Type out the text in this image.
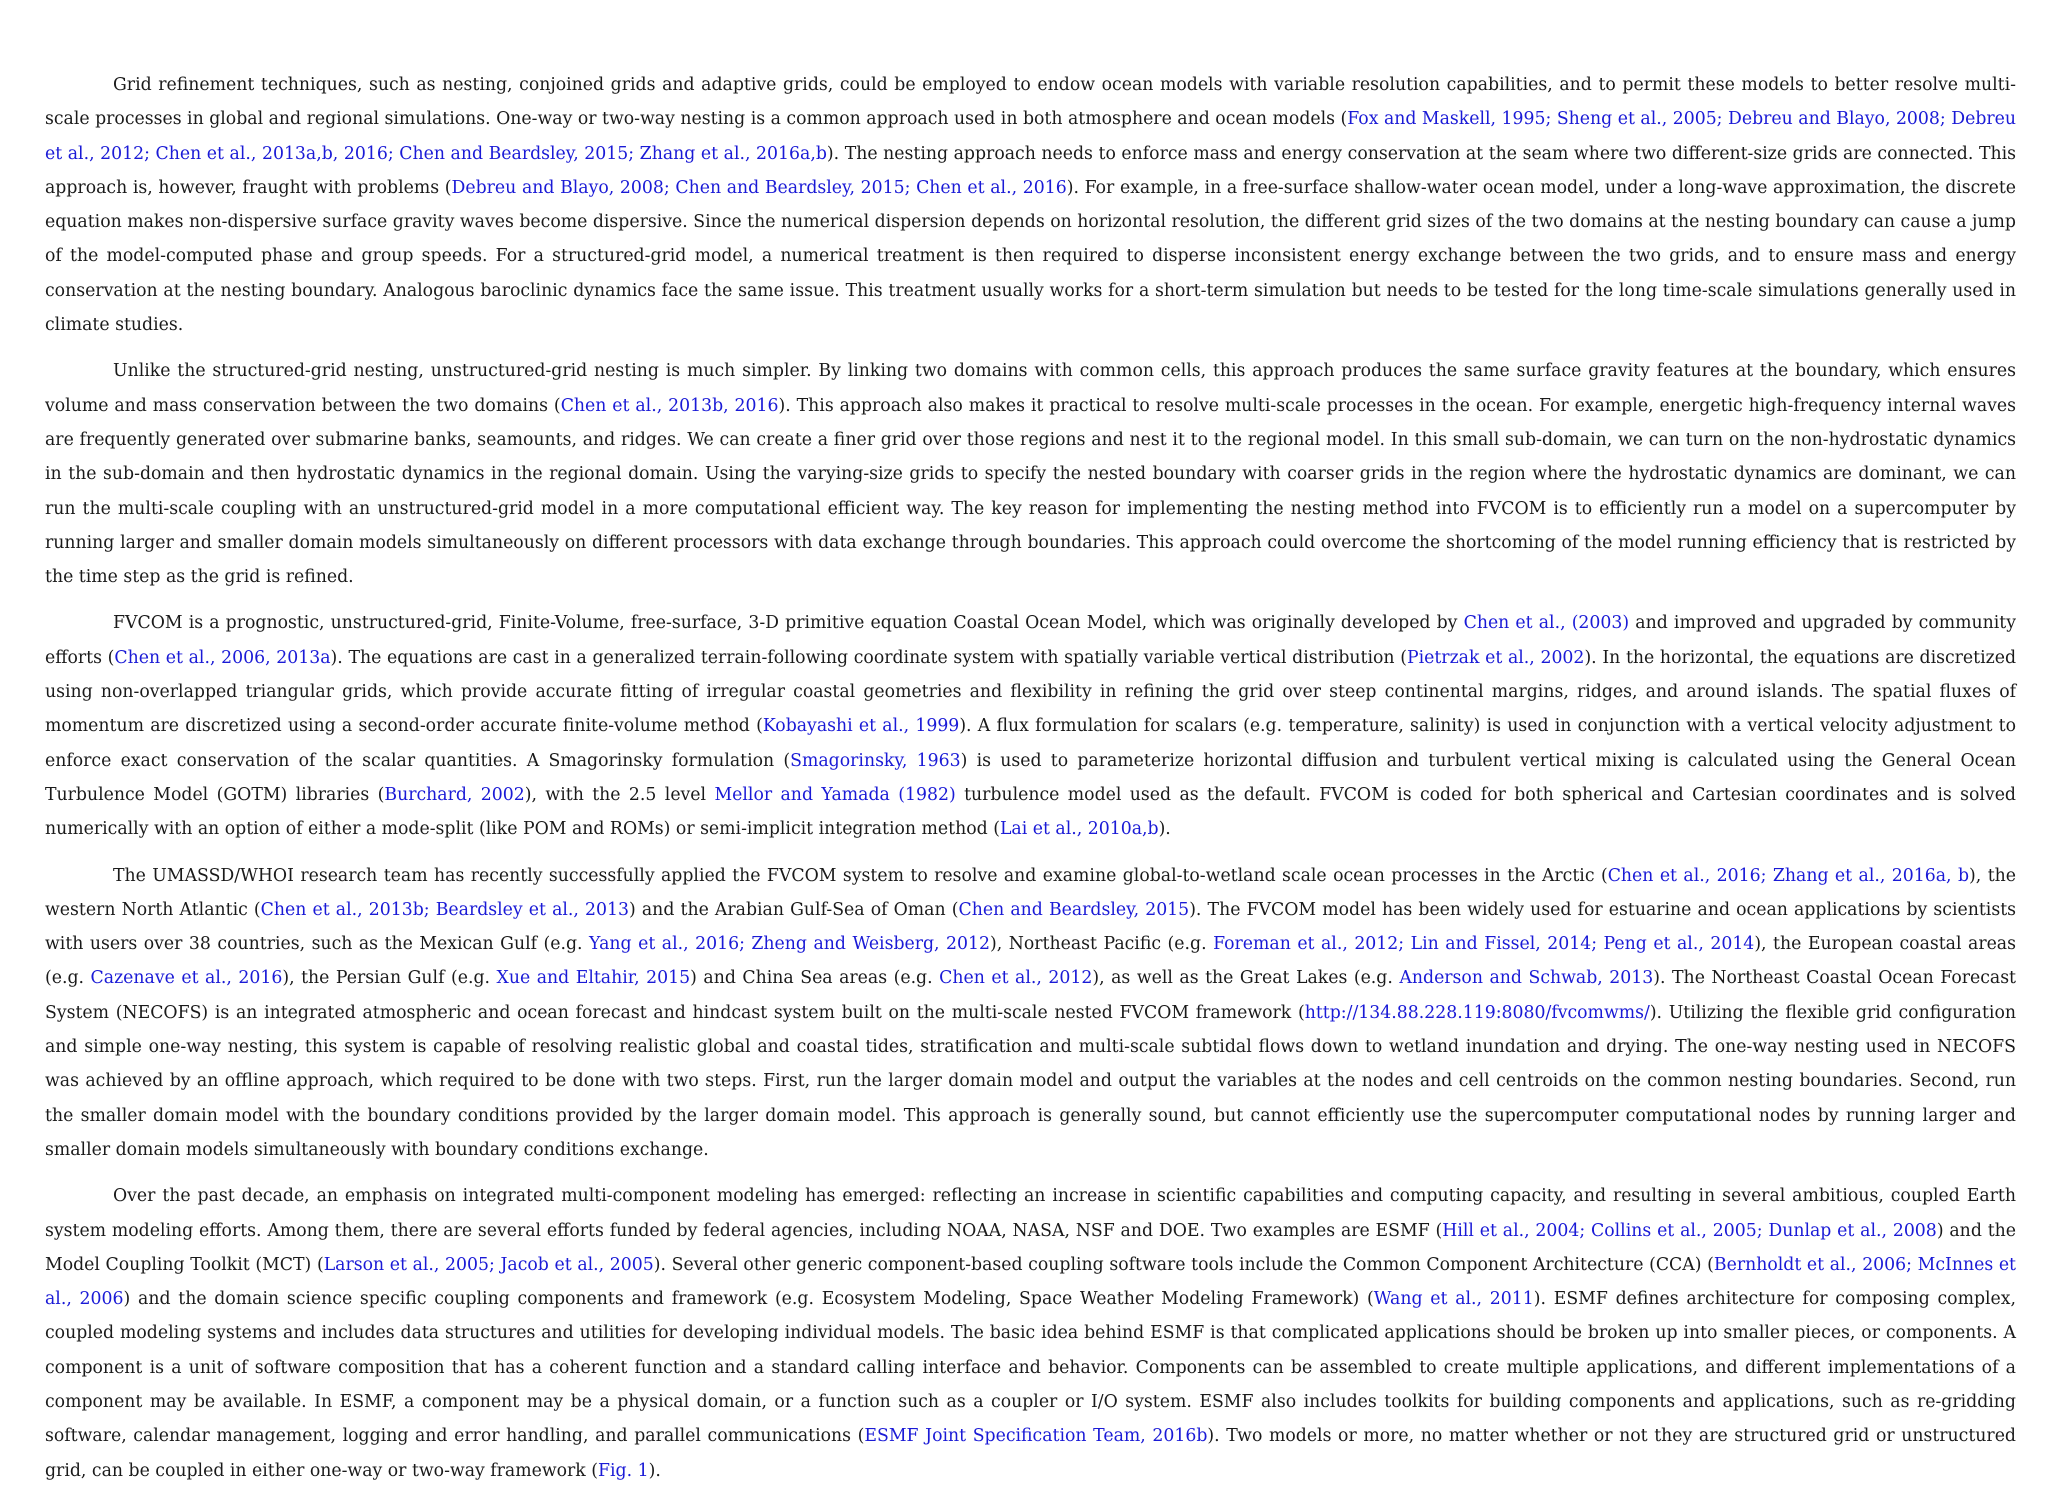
Grid refinement techniques, such as nesting, conjoined grids and adaptive grids, could be employed to endow ocean models with variable resolution capabilities, and to permit these models to better resolve multi-scale processes in global and regional simulations. One-way or two-way nesting is a common approach used in both atmosphere and ocean models (Fox and Maskell, 1995; Sheng et al., 2005; Debreu and Blayo, 2008; Debreu et al., 2012; Chen et al., 2013a,b, 2016; Chen and Beardsley, 2015; Zhang et al., 2016a,b). The nesting approach needs to enforce mass and energy conservation at the seam where two different-size grids are connected. This approach is, however, fraught with problems (Debreu and Blayo, 2008; Chen and Beardsley, 2015; Chen et al., 2016). For example, in a free-surface shallow-water ocean model, under a long-wave approximation, the discrete equation makes non-dispersive surface gravity waves become dispersive. Since the numerical dispersion depends on horizontal resolution, the different grid sizes of the two domains at the nesting boundary can cause a jump of the model-computed phase and group speeds. For a structured-grid model, a numerical treatment is then required to disperse inconsistent energy exchange between the two grids, and to ensure mass and energy conservation at the nesting boundary. Analogous baroclinic dynamics face the same issue. This treatment usually works for a short-term simulation but needs to be tested for the long time-scale simulations generally used in climate studies.

Unlike the structured-grid nesting, unstructured-grid nesting is much simpler. By linking two domains with common cells, this approach produces the same surface gravity features at the boundary, which ensures volume and mass conservation between the two domains (Chen et al., 2013b, 2016). This approach also makes it practical to resolve multi-scale processes in the ocean. For example, energetic high-frequency internal waves are frequently generated over submarine banks, seamounts, and ridges. We can create a finer grid over those regions and nest it to the regional model. In this small sub-domain, we can turn on the non-hydrostatic dynamics in the sub-domain and then hydrostatic dynamics in the regional domain. Using the varying-size grids to specify the nested boundary with coarser grids in the region where the hydrostatic dynamics are dominant, we can run the multi-scale coupling with an unstructured-grid model in a more computational efficient way. The key reason for implementing the nesting method into FVCOM is to efficiently run a model on a supercomputer by running larger and smaller domain models simultaneously on different processors with data exchange through boundaries. This approach could overcome the shortcoming of the model running efficiency that is restricted by the time step as the grid is refined.

FVCOM is a prognostic, unstructured-grid, Finite-Volume, free-surface, 3-D primitive equation Coastal Ocean Model, which was originally developed by Chen et al., (2003) and improved and upgraded by community efforts (Chen et al., 2006, 2013a). The equations are cast in a generalized terrain-following coordinate system with spatially variable vertical distribution (Pietrzak et al., 2002). In the horizontal, the equations are discretized using non-overlapped triangular grids, which provide accurate fitting of irregular coastal geometries and flexibility in refining the grid over steep continental margins, ridges, and around islands. The spatial fluxes of momentum are discretized using a second-order accurate finite-volume method (Kobayashi et al., 1999). A flux formulation for scalars (e.g. temperature, salinity) is used in conjunction with a vertical velocity adjustment to enforce exact conservation of the scalar quantities. A Smagorinsky formulation (Smagorinsky, 1963) is used to parameterize horizontal diffusion and turbulent vertical mixing is calculated using the General Ocean Turbulence Model (GOTM) libraries (Burchard, 2002), with the 2.5 level Mellor and Yamada (1982) turbulence model used as the default. FVCOM is coded for both spherical and Cartesian coordinates and is solved numerically with an option of either a mode-split (like POM and ROMs) or semi-implicit integration method (Lai et al., 2010a,b).

The UMASSD/WHOI research team has recently successfully applied the FVCOM system to resolve and examine global-to-wetland scale ocean processes in the Arctic (Chen et al., 2016; Zhang et al., 2016a, b), the western North Atlantic (Chen et al., 2013b; Beardsley et al., 2013) and the Arabian Gulf-Sea of Oman (Chen and Beardsley, 2015). The FVCOM model has been widely used for estuarine and ocean applications by scientists with users over 38 countries, such as the Mexican Gulf (e.g. Yang et al., 2016; Zheng and Weisberg, 2012), Northeast Pacific (e.g. Foreman et al., 2012; Lin and Fissel, 2014; Peng et al., 2014), the European coastal areas (e.g. Cazenave et al., 2016), the Persian Gulf (e.g. Xue and Eltahir, 2015) and China Sea areas (e.g. Chen et al., 2012), as well as the Great Lakes (e.g. Anderson and Schwab, 2013). The Northeast Coastal Ocean Forecast System (NECOFS) is an integrated atmospheric and ocean forecast and hindcast system built on the multi-scale nested FVCOM framework (http://134.88.228.119:8080/fvcomwms/). Utilizing the flexible grid configuration and simple one-way nesting, this system is capable of resolving realistic global and coastal tides, stratification and multi-scale subtidal flows down to wetland inundation and drying. The one-way nesting used in NECOFS was achieved by an offline approach, which required to be done with two steps. First, run the larger domain model and output the variables at the nodes and cell centroids on the common nesting boundaries. Second, run the smaller domain model with the boundary conditions provided by the larger domain model. This approach is generally sound, but cannot efficiently use the supercomputer computational nodes by running larger and smaller domain models simultaneously with boundary conditions exchange.

Over the past decade, an emphasis on integrated multi-component modeling has emerged: reflecting an increase in scientific capabilities and computing capacity, and resulting in several ambitious, coupled Earth system modeling efforts. Among them, there are several efforts funded by federal agencies, including NOAA, NASA, NSF and DOE. Two examples are ESMF (Hill et al., 2004; Collins et al., 2005; Dunlap et al., 2008) and the Model Coupling Toolkit (MCT) (Larson et al., 2005; Jacob et al., 2005). Several other generic component-based coupling software tools include the Common Component Architecture (CCA) (Bernholdt et al., 2006; McInnes et al., 2006) and the domain science specific coupling components and framework (e.g. Ecosystem Modeling, Space Weather Modeling Framework) (Wang et al., 2011). ESMF defines architecture for composing complex, coupled modeling systems and includes data structures and utilities for developing individual models. The basic idea behind ESMF is that complicated applications should be broken up into smaller pieces, or components. A component is a unit of software composition that has a coherent function and a standard calling interface and behavior. Components can be assembled to create multiple applications, and different implementations of a component may be available. In ESMF, a component may be a physical domain, or a function such as a coupler or I/O system. ESMF also includes toolkits for building components and applications, such as re-gridding software, calendar management, logging and error handling, and parallel communications (ESMF Joint Specification Team, 2016b). Two models or more, no matter whether or not they are structured grid or unstructured grid, can be coupled in either one-way or two-way framework (Fig. 1).
